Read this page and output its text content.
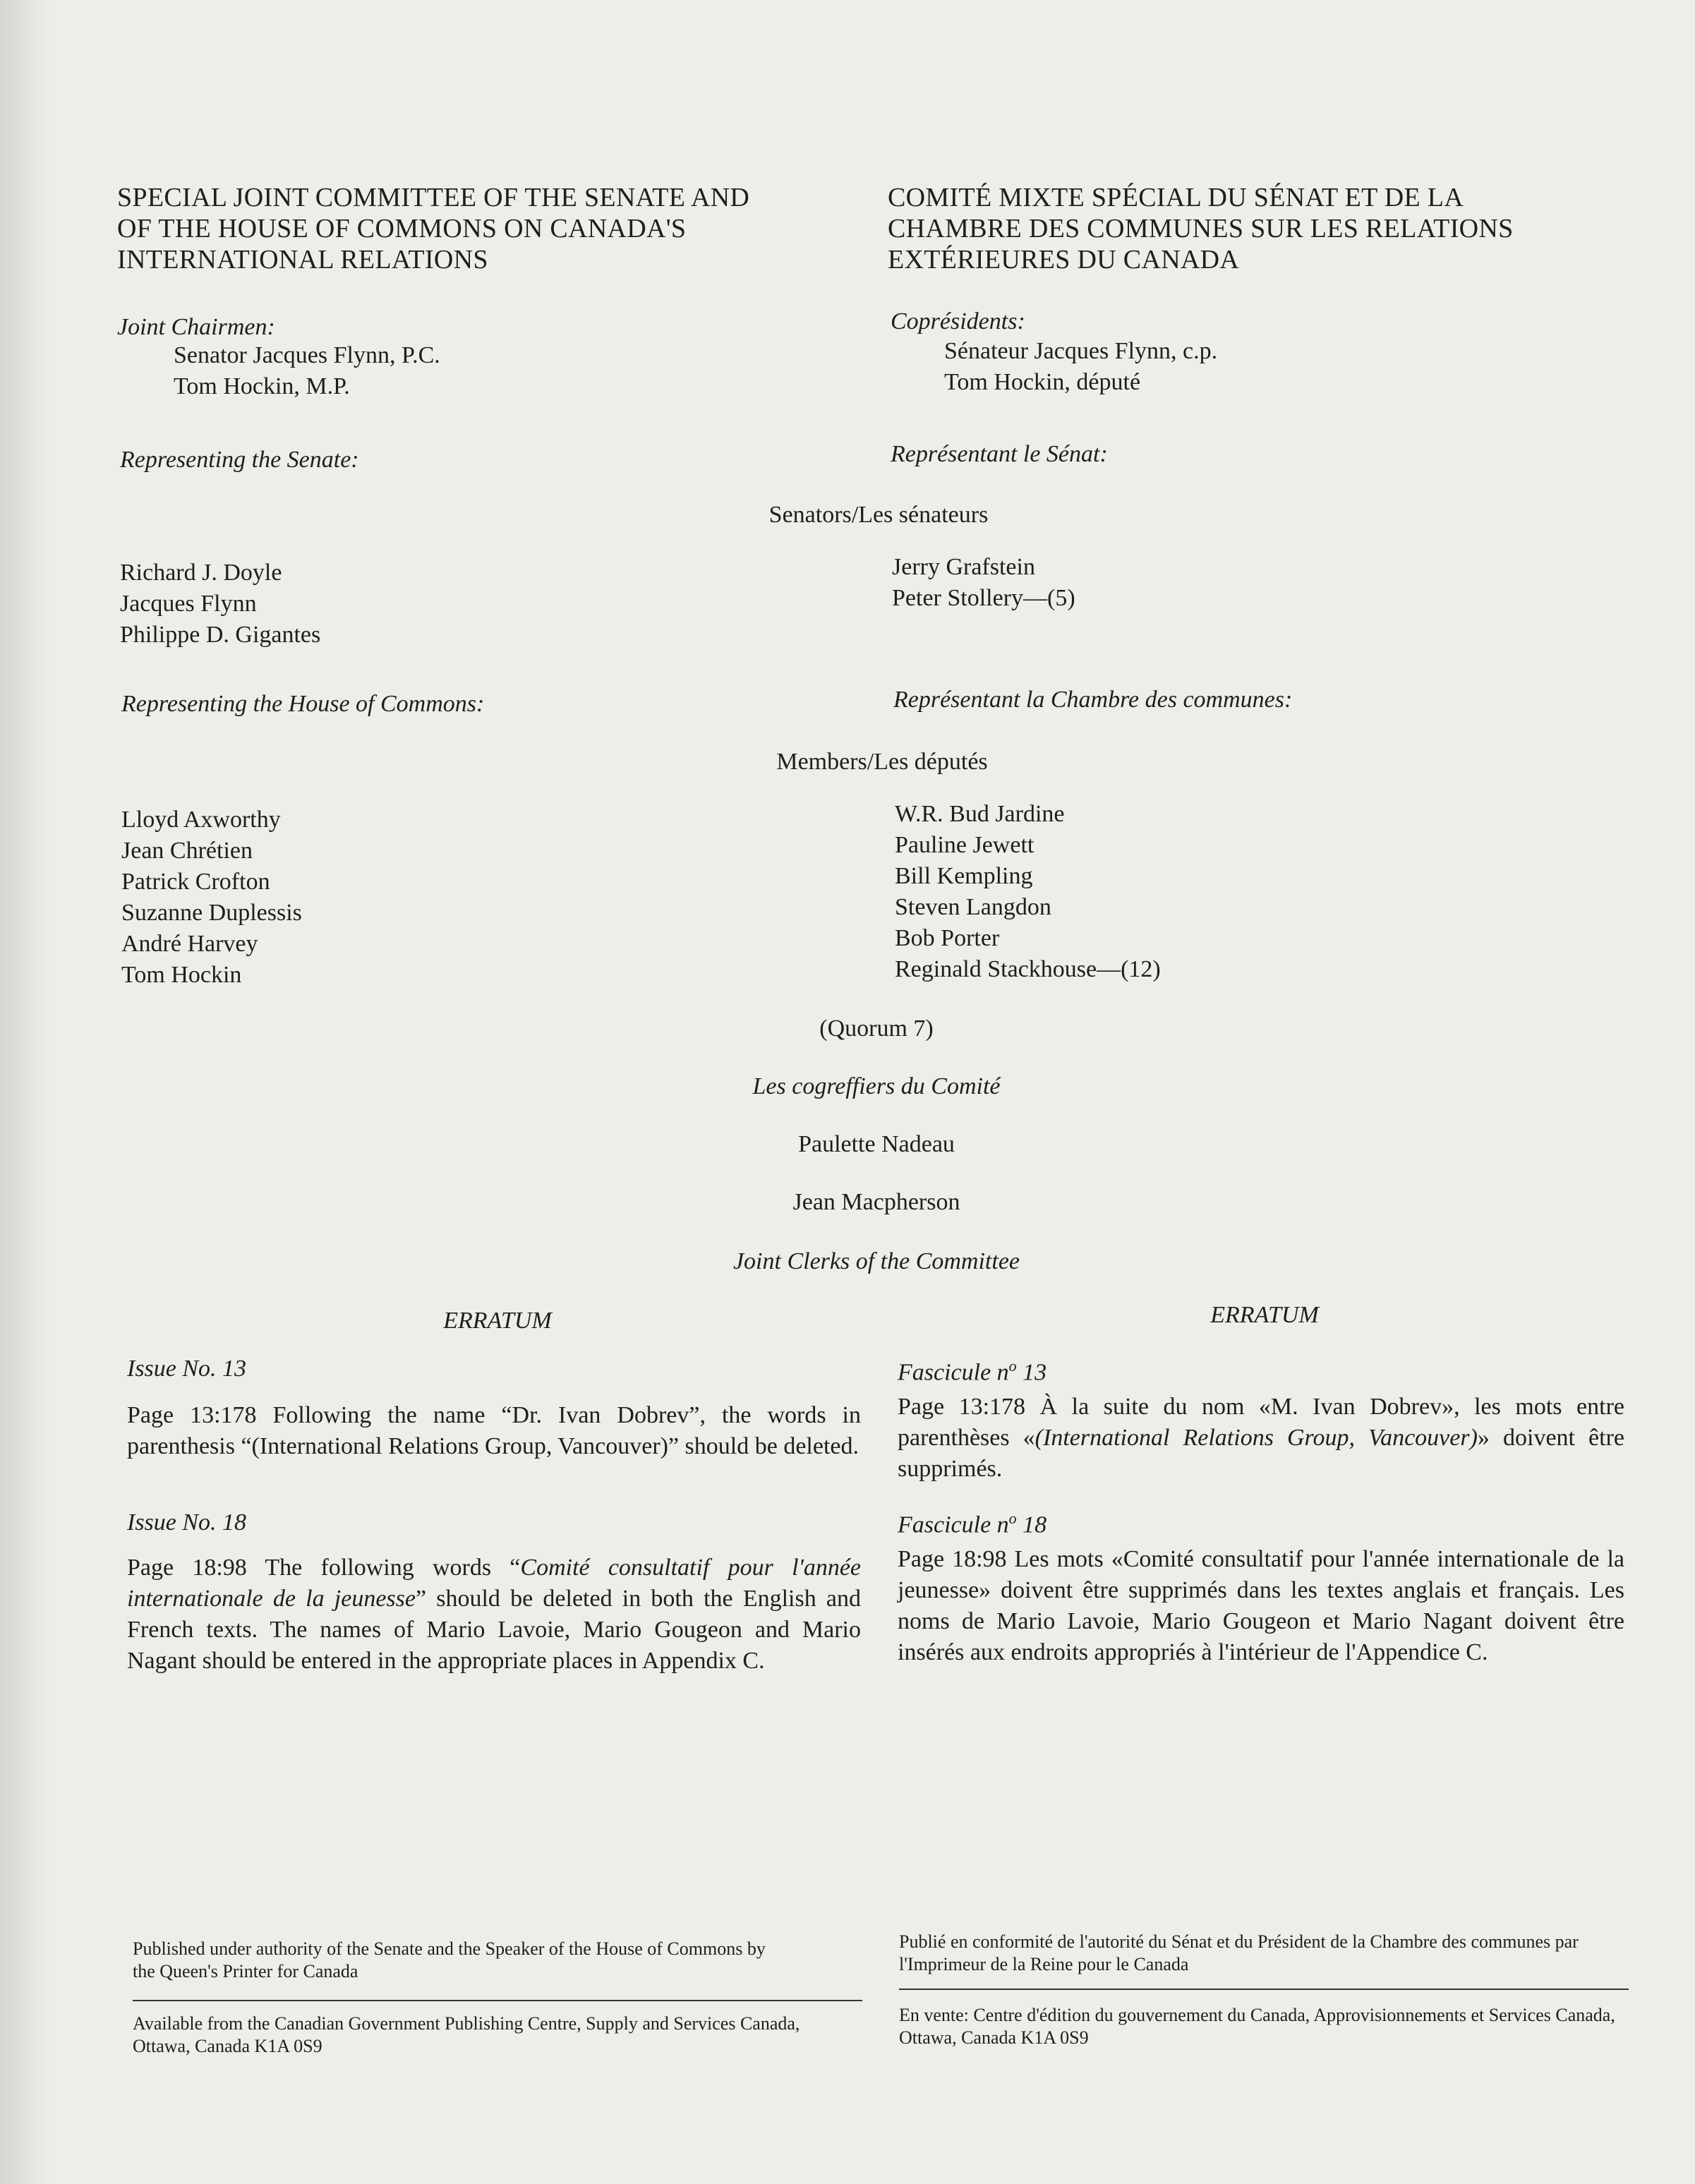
SPECIAL JOINT COMMITTEE OF THE SENATE AND
OF THE HOUSE OF COMMONS ON CANADA'S
INTERNATIONAL RELATIONS
COMITÉ MIXTE SPÉCIAL DU SÉNAT ET DE LA
CHAMBRE DES COMMUNES SUR LES RELATIONS
EXTÉRIEURES DU CANADA
Joint Chairmen:
Senator Jacques Flynn, P.C.
Tom Hockin, M.P.
Coprésidents:
Sénateur Jacques Flynn, c.p.
Tom Hockin, député
Representing the Senate:	Représentant le Sénat:
Senators/Les sénateurs
Richard J. Doyle
Jacques Flynn
Philippe D. Gigantes
Jerry Grafstein
Peter Stollery—(5)
Representing the House of Commons:	Représentant la Chambre des communes:
Members/Les députés
Lloyd Axworthy
Jean Chrétien
Patrick Crofton
Suzanne Duplessis
André Harvey
Tom Hockin
W.R. Bud Jardine
Pauline Jewett
Bill Kempling
Steven Langdon
Bob Porter
Reginald Stackhouse—(12)
(Quorum 7)
Les cogreffiers du Comité
Paulette Nadeau
Jean Macpherson
Joint Clerks of the Committee
ERRATUM
Issue No. 13
Page 13:178 Following the name “Dr. Ivan Dobrev”, the words in parenthesis “(International Relations Group, Vancouver)” should be deleted.
Issue No. 18
Page 18:98 The following words “Comité consultatif pour l'année internationale de la jeunesse” should be deleted in both the English and French texts. The names of Mario Lavoie, Mario Gougeon and Mario Nagant should be entered in the appropriate places in Appendix C.
ERRATUM
Fascicule $n^o$ 13
Page 13:178 À la suite du nom «M. Ivan Dobrev», les mots entre parenthèses «(International Relations Group, Vancouver)» doivent être supprimés.
Fascicule $n^o$ 18
Page 18:98 Les mots «Comité consultatif pour l'année internationale de la jeunesse» doivent être supprimés dans les textes anglais et français. Les noms de Mario Lavoie, Mario Gougeon et Mario Nagant doivent être insérés aux endroits appropriés à l'intérieur de l'Appendice C.
Published under authority of the Senate and the Speaker of the House of Commons by the Queen's Printer for Canada
Publié en conformité de l'autorité du Sénat et du Président de la Chambre des communes par l'Imprimeur de la Reine pour le Canada
Available from the Canadian Government Publishing Centre, Supply and Services Canada, Ottawa, Canada K1A 0S9
En vente: Centre d'édition du gouvernement du Canada, Approvisionnements et Services Canada, Ottawa, Canada K1A 0S9
